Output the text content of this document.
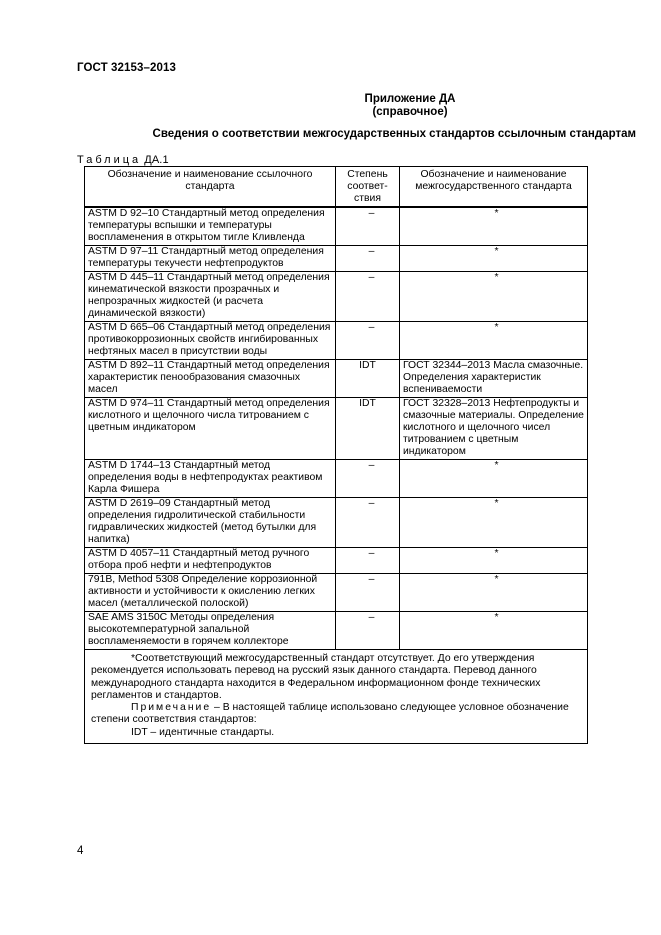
ГОСТ 32153–2013
Приложение ДА
(справочное)
Сведения о соответствии межгосударственных стандартов ссылочным стандартам
Таблица ДА.1
Обозначение и наименование ссылочного стандарта	Степень соответ-ствия	Обозначение и наименование межгосударственного стандарта
ASTM D 92–10 Стандартный метод определения температуры вспышки и температуры воспламенения в открытом тигле Кливленда	–	*

ASTM D 97–11 Стандартный метод определения температуры текучести нефтепродуктов	–	*

ASTM D 445–11 Стандартный метод определения кинематической вязкости прозрачных и непрозрачных жидкостей (и расчета динамической вязкости)	–	*

ASTM D 665–06 Стандартный метод определения противокоррозионных свойств ингибированных нефтяных масел в присутствии воды	–	*

ASTM D 892–11 Стандартный метод определения характеристик пенообразования смазочных масел	IDT	ГОСТ 32344–2013 Масла смазочные. Определения характеристик вспениваемости

ASTM D 974–11 Стандартный метод определения кислотного и щелочного числа титрованием с цветным индикатором	IDT	ГОСТ 32328–2013 Нефтепродукты и смазочные материалы. Определение кислотного и щелочного чисел титрованием с цветным индикатором

ASTM D 1744–13 Стандартный метод определения воды в нефтепродуктах реактивом Карла Фишера	–	*

ASTM D 2619–09 Стандартный метод определения гидролитической стабильности гидравлических жидкостей (метод бутылки для напитка)	–	*

ASTM D 4057–11 Стандартный метод ручного отбора проб нефти и нефтепродуктов	–	*

791B, Method 5308 Определение коррозионной активности и устойчивости к окислению легких масел (металлической полоской)	–	*

SAE AMS 3150C Методы определения высокотемпературной запальной воспламеняемости в горячем коллекторе	–	*

*Соответствующий межгосударственный стандарт отсутствует. До его утверждения рекомендуется использовать перевод на русский язык данного стандарта. Перевод данного международного стандарта находится в Федеральном информационном фонде технических регламентов и стандартов.

Примечание – В настоящей таблице использовано следующее условное обозначение степени соответствия стандартов:

IDT – идентичные стандарты.		

4
